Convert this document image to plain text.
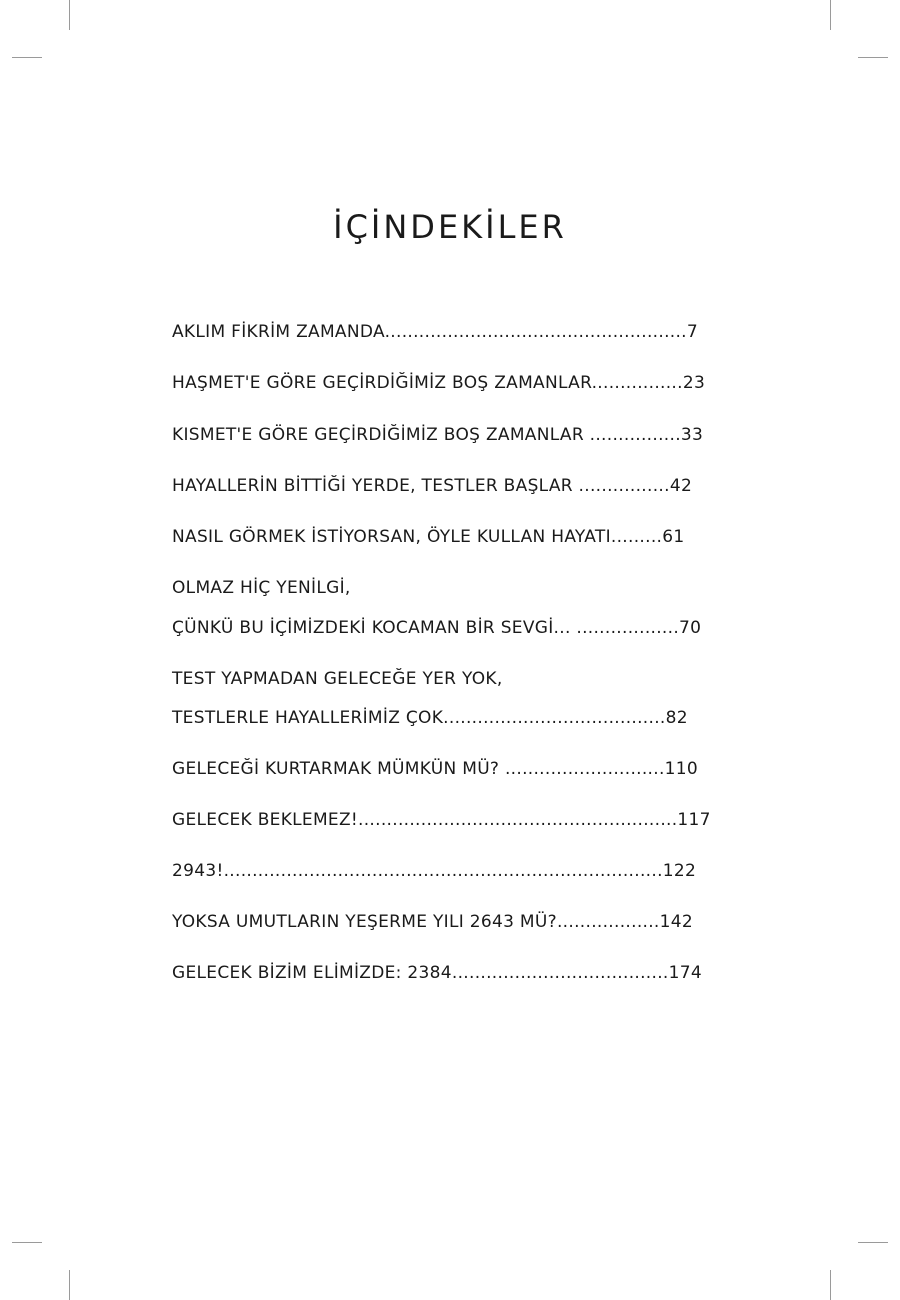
İÇİNDEKİLER
AKLIM FİKRİM ZAMANDA.....................................................7
HAŞMET'E GÖRE GEÇİRDİĞİMİZ BOŞ ZAMANLAR................23
KISMET'E GÖRE GEÇİRDİĞİMİZ BOŞ ZAMANLAR ................33
HAYALLERİN BİTTİĞİ YERDE, TESTLER BAŞLAR ................42
NASIL GÖRMEK İSTİYORSAN, ÖYLE KULLAN HAYATI.........61
OLMAZ HİÇ YENİLGİ,
ÇÜNKÜ BU İÇİMİZDEKİ KOCAMAN BİR SEVGİ... ..................70
TEST YAPMADAN GELECEĞE YER YOK,
TESTLERLE HAYALLERİMİZ ÇOK.......................................82
GELECEĞİ KURTARMAK MÜMKÜN MÜ? ............................110
GELECEK BEKLEMEZ!........................................................117
2943!.............................................................................122
YOKSA UMUTLARIN YEŞERME YILI 2643 MÜ?..................142
GELECEK BİZİM ELİMİZDE: 2384......................................174
